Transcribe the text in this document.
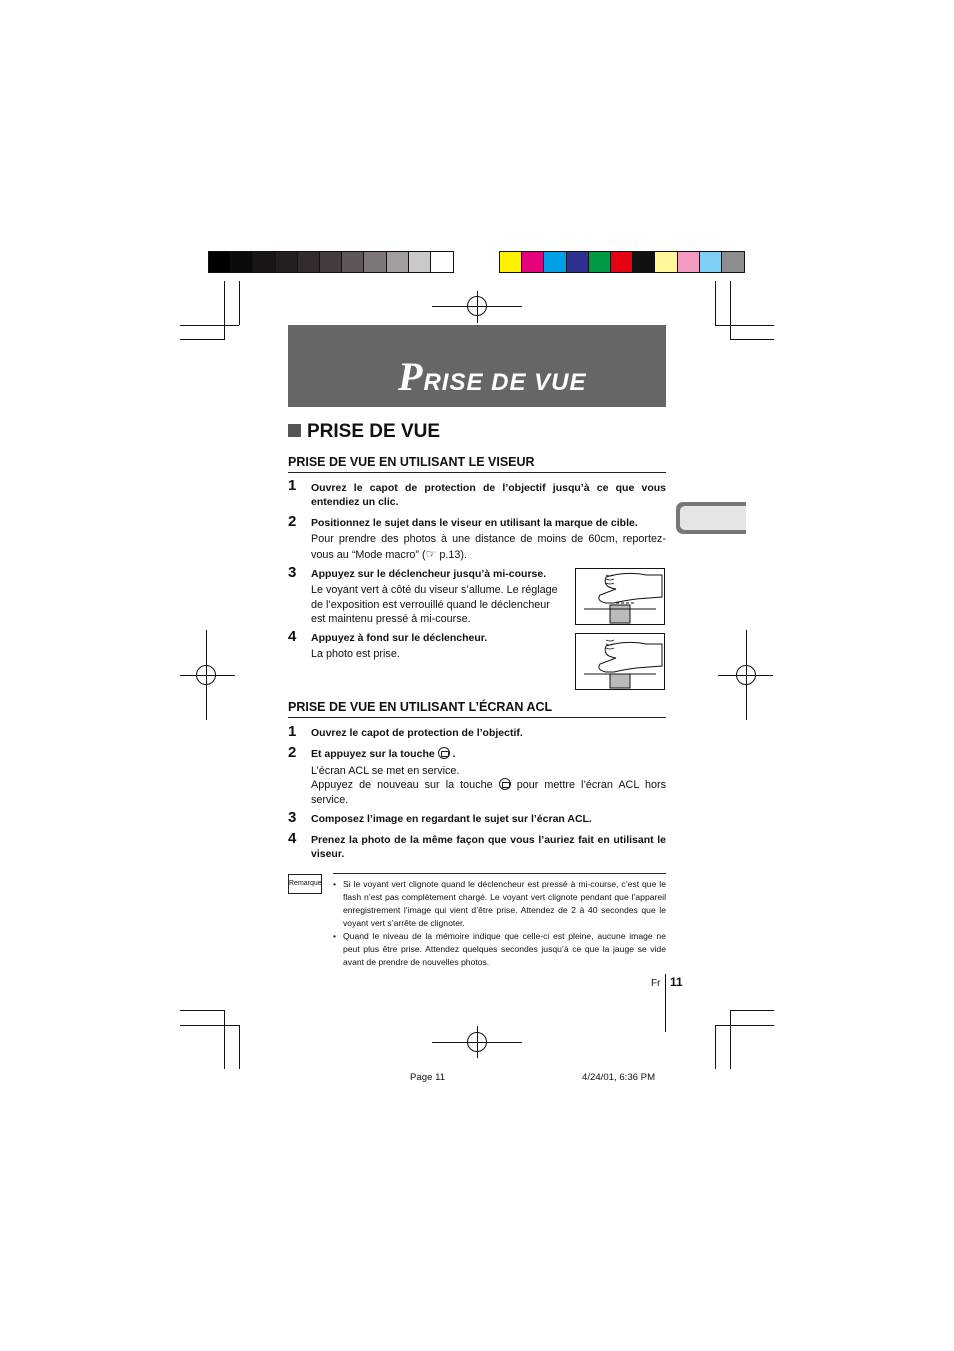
PRISE DE VUE
PRISE DE VUE
PRISE DE VUE EN UTILISANT LE VISEUR
1 Ouvrez le capot de protection de l’objectif jusqu’à ce que vous entendiez un clic.
2 Positionnez le sujet dans le viseur en utilisant la marque de cible.
Pour prendre des photos à une distance de moins de 60cm, reportez-vous au “Mode macro” (☞ p.13).
3 Appuyez sur le déclencheur jusqu’à mi-course.
Le voyant vert à côté du viseur s’allume. Le réglage de l’exposition est verrouillé quand le déclencheur est maintenu pressé à mi-course.
4 Appuyez à fond sur le déclencheur.
La photo est prise.
PRISE DE VUE EN UTILISANT L’ÉCRAN ACL
1 Ouvrez le capot de protection de l’objectif.
2 Et appuyez sur la touche  .
L’écran ACL se met en service.
Appuyez de nouveau sur la touche  pour mettre l’écran ACL hors service.
3 Composez l’image en regardant le sujet sur l’écran ACL.
4 Prenez la photo de la même façon que vous l’auriez fait en utilisant le viseur.
Remarque • Si le voyant vert clignote quand le déclencheur est pressé à mi-course, c’est que le flash n’est pas complètement chargé. Le voyant vert clignote pendant que l’appareil enregistrement l’image qui vient d’être prise. Attendez de 2 à 40 secondes que le voyant vert s’arrête de clignoter.
• Quand le niveau de la mémoire indique que celle-ci est pleine, aucune image ne peut plus être prise. Attendez quelques secondes jusqu’à ce que la jauge se vide avant de prendre de nouvelles photos.
Fr 11
Page 11	4/24/01, 6:36 PM
